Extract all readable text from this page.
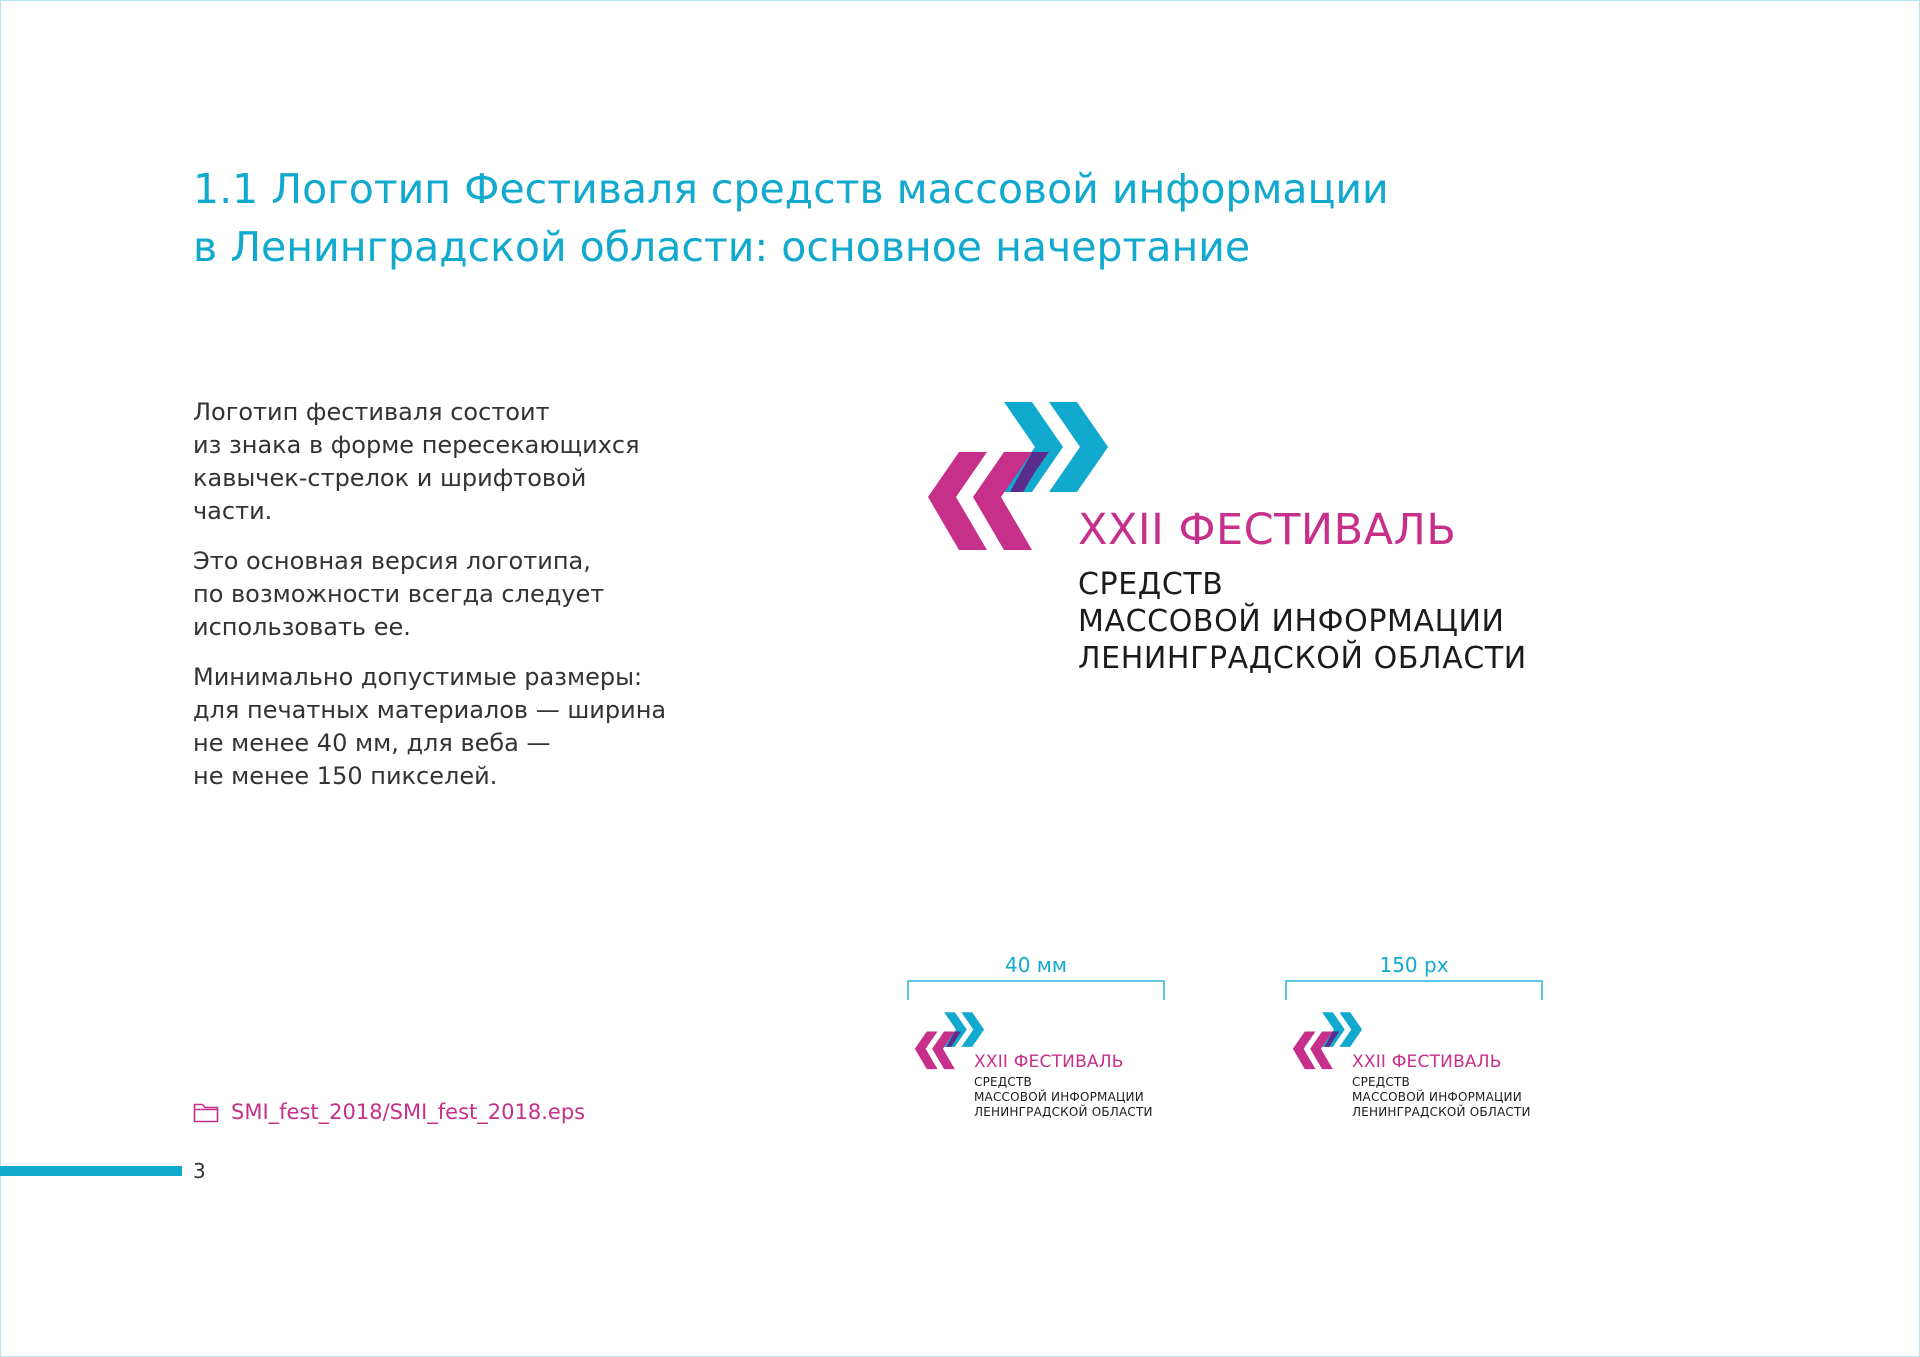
1.1 Логотип Фестиваля средств массовой информации
в Ленинградской области: основное начертание

Логотип фестиваля состоит
из знака в форме пересекающихся
кавычек-стрелок и шрифтовой
части.

Это основная версия логотипа,
по возможности всегда следует
использовать ее.

Минимально допустимые размеры:
для печатных материалов — ширина
не менее 40 мм, для веба —
не менее 150 пикселей.

XXII ФЕСТИВАЛЬ
СРЕДСТВ
МАССОВОЙ ИНФОРМАЦИИ
ЛЕНИНГРАДСКОЙ ОБЛАСТИ
40 мм	150 px
XXII ФЕСТИВАЛЬ
СРЕДСТВ
МАССОВОЙ ИНФОРМАЦИИ
ЛЕНИНГРАДСКОЙ ОБЛАСТИ
XXII ФЕСТИВАЛЬ
СРЕДСТВ
МАССОВОЙ ИНФОРМАЦИИ
ЛЕНИНГРАДСКОЙ ОБЛАСТИ
SMI_fest_2018/SMI_fest_2018.eps
3
